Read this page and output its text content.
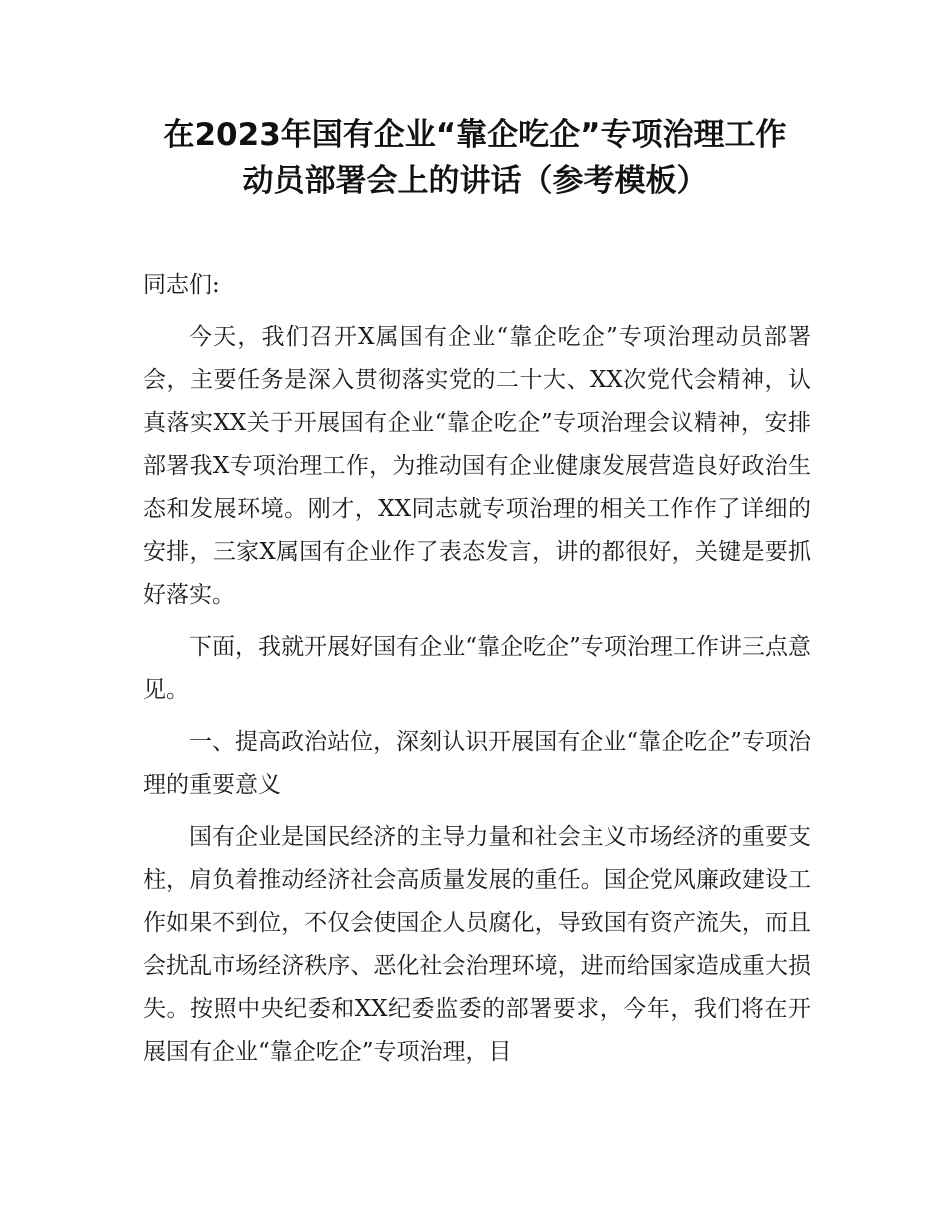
在2023年国有企业“靠企吃企”专项治理工作
动员部署会上的讲话（参考模板）

同志们:

今天，我们召开X属国有企业“靠企吃企”专项治理动员部署会，主要任务是深入贯彻落实党的二十大、XX次党代会精神，认真落实XX关于开展国有企业“靠企吃企”专项治理会议精神，安排部署我X专项治理工作，为推动国有企业健康发展营造良好政治生态和发展环境。刚才，XX同志就专项治理的相关工作作了详细的安排，三家X属国有企业作了表态发言，讲的都很好，关键是要抓好落实。

下面，我就开展好国有企业“靠企吃企”专项治理工作讲三点意见。

一、提高政治站位，深刻认识开展国有企业“靠企吃企”专项治理的重要意义

国有企业是国民经济的主导力量和社会主义市场经济的重要支柱，肩负着推动经济社会高质量发展的重任。国企党风廉政建设工作如果不到位，不仅会使国企人员腐化，导致国有资产流失，而且会扰乱市场经济秩序、恶化社会治理环境，进而给国家造成重大损失。按照中央纪委和XX纪委监委的部署要求，今年，我们将在开展国有企业“靠企吃企”专项治理，目
